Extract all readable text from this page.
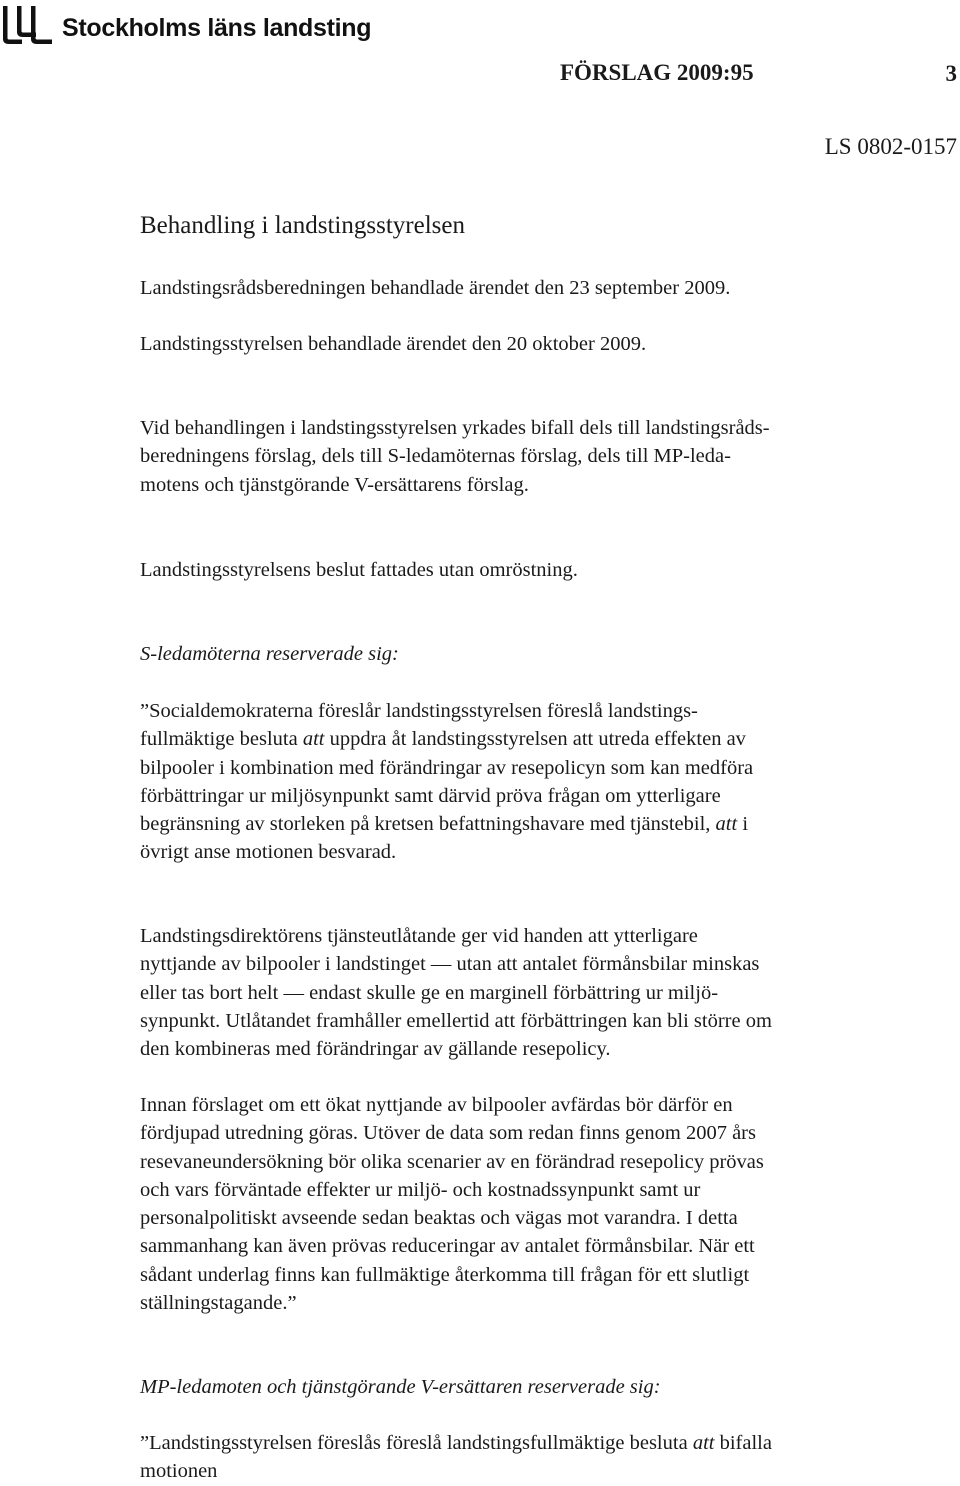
Stockholms läns landsting
FÖRSLAG 2009:95	3
LS 0802-0157
Behandling i landstingsstyrelsen

Landstingsrådsberedningen behandlade ärendet den 23 september 2009.

Landstingsstyrelsen behandlade ärendet den 20 oktober 2009.

Vid behandlingen i landstingsstyrelsen yrkades bifall dels till landstingsråds-
beredningens förslag, dels till S-ledamöternas förslag, dels till MP-leda-
motens och tjänstgörande V-ersättarens förslag.

Landstingsstyrelsens beslut fattades utan omröstning.

S-ledamöterna reserverade sig:

”Socialdemokraterna föreslår landstingsstyrelsen föreslå landstings-
fullmäktige besluta att uppdra åt landstingsstyrelsen att utreda effekten av
bilpooler i kombination med förändringar av resepolicyn som kan medföra
förbättringar ur miljösynpunkt samt därvid pröva frågan om ytterligare
begränsning av storleken på kretsen befattningshavare med tjänstebil, att i
övrigt anse motionen besvarad.

Landstingsdirektörens tjänsteutlåtande ger vid handen att ytterligare
nyttjande av bilpooler i landstinget — utan att antalet förmånsbilar minskas
eller tas bort helt — endast skulle ge en marginell förbättring ur miljö-
synpunkt. Utlåtandet framhåller emellertid att förbättringen kan bli större om
den kombineras med förändringar av gällande resepolicy.

Innan förslaget om ett ökat nyttjande av bilpooler avfärdas bör därför en
fördjupad utredning göras. Utöver de data som redan finns genom 2007 års
resevaneundersökning bör olika scenarier av en förändrad resepolicy prövas
och vars förväntade effekter ur miljö- och kostnadssynpunkt samt ur
personalpolitiskt avseende sedan beaktas och vägas mot varandra. I detta
sammanhang kan även prövas reduceringar av antalet förmånsbilar. När ett
sådant underlag finns kan fullmäktige återkomma till frågan för ett slutligt
ställningstagande.”

MP-ledamoten och tjänstgörande V-ersättaren reserverade sig:

”Landstingsstyrelsen föreslås föreslå landstingsfullmäktige besluta att bifalla
motionen
